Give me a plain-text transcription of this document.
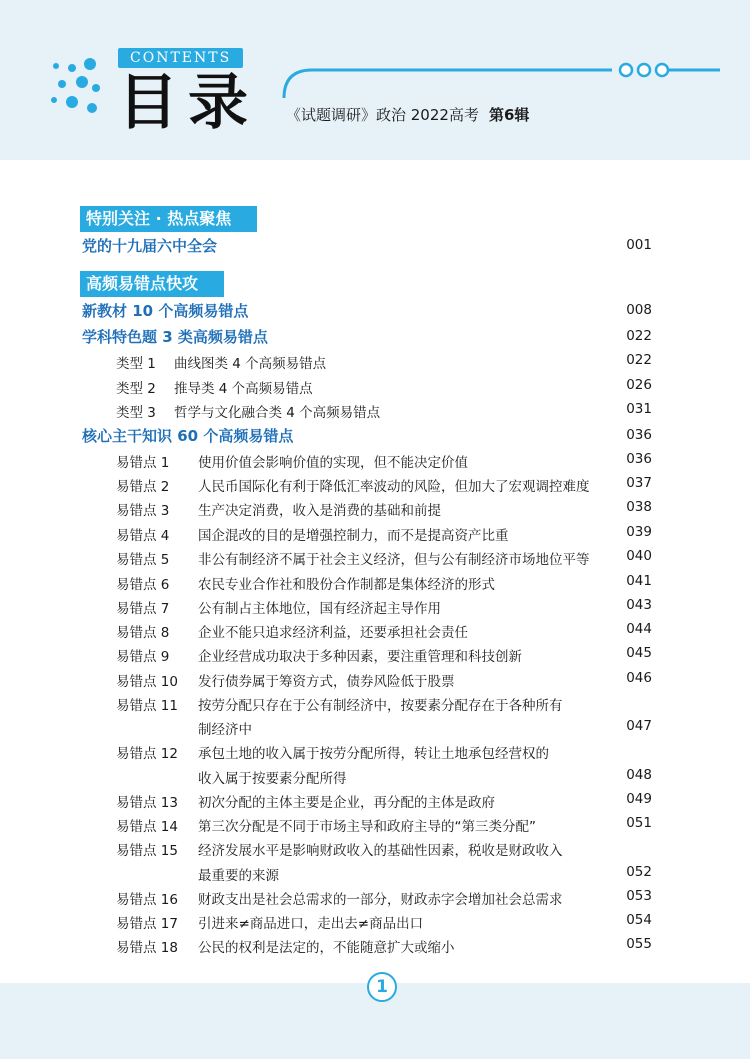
CONTENTS
目录 《试题调研》政治 2022高考 第6辑
特别关注 · 热点聚焦
党的十九届六中全会	001
高频易错点快攻
新教材 10 个高频易错点	008
学科特色题 3 类高频易错点	022
类型 1 曲线图类 4 个高频易错点	022
类型 2 推导类 4 个高频易错点	026
类型 3 哲学与文化融合类 4 个高频易错点	031
核心主干知识 60 个高频易错点	036
易错点 1 使用价值会影响价值的实现，但不能决定价值	036
易错点 2 人民币国际化有利于降低汇率波动的风险，但加大了宏观调控难度	037
易错点 3 生产决定消费，收入是消费的基础和前提	038
易错点 4 国企混改的目的是增强控制力，而不是提高资产比重	039
易错点 5 非公有制经济不属于社会主义经济，但与公有制经济市场地位平等	040
易错点 6 农民专业合作社和股份合作制都是集体经济的形式	041
易错点 7 公有制占主体地位，国有经济起主导作用	043
易错点 8 企业不能只追求经济利益，还要承担社会责任	044
易错点 9 企业经营成功取决于多种因素，要注重管理和科技创新	045
易错点 10 发行债券属于筹资方式，债券风险低于股票	046
易错点 11 按劳分配只存在于公有制经济中，按要素分配存在于各种所有
制经济中	047
易错点 12 承包土地的收入属于按劳分配所得，转让土地承包经营权的
收入属于按要素分配所得	048
易错点 13 初次分配的主体主要是企业，再分配的主体是政府	049
易错点 14 第三次分配是不同于市场主导和政府主导的“第三类分配”	051
易错点 15 经济发展水平是影响财政收入的基础性因素，税收是财政收入
最重要的来源	052
易错点 16 财政支出是社会总需求的一部分，财政赤字会增加社会总需求	053
易错点 17 引进来≠商品进口，走出去≠商品出口	054
易错点 18 公民的权利是法定的，不能随意扩大或缩小	055
1
